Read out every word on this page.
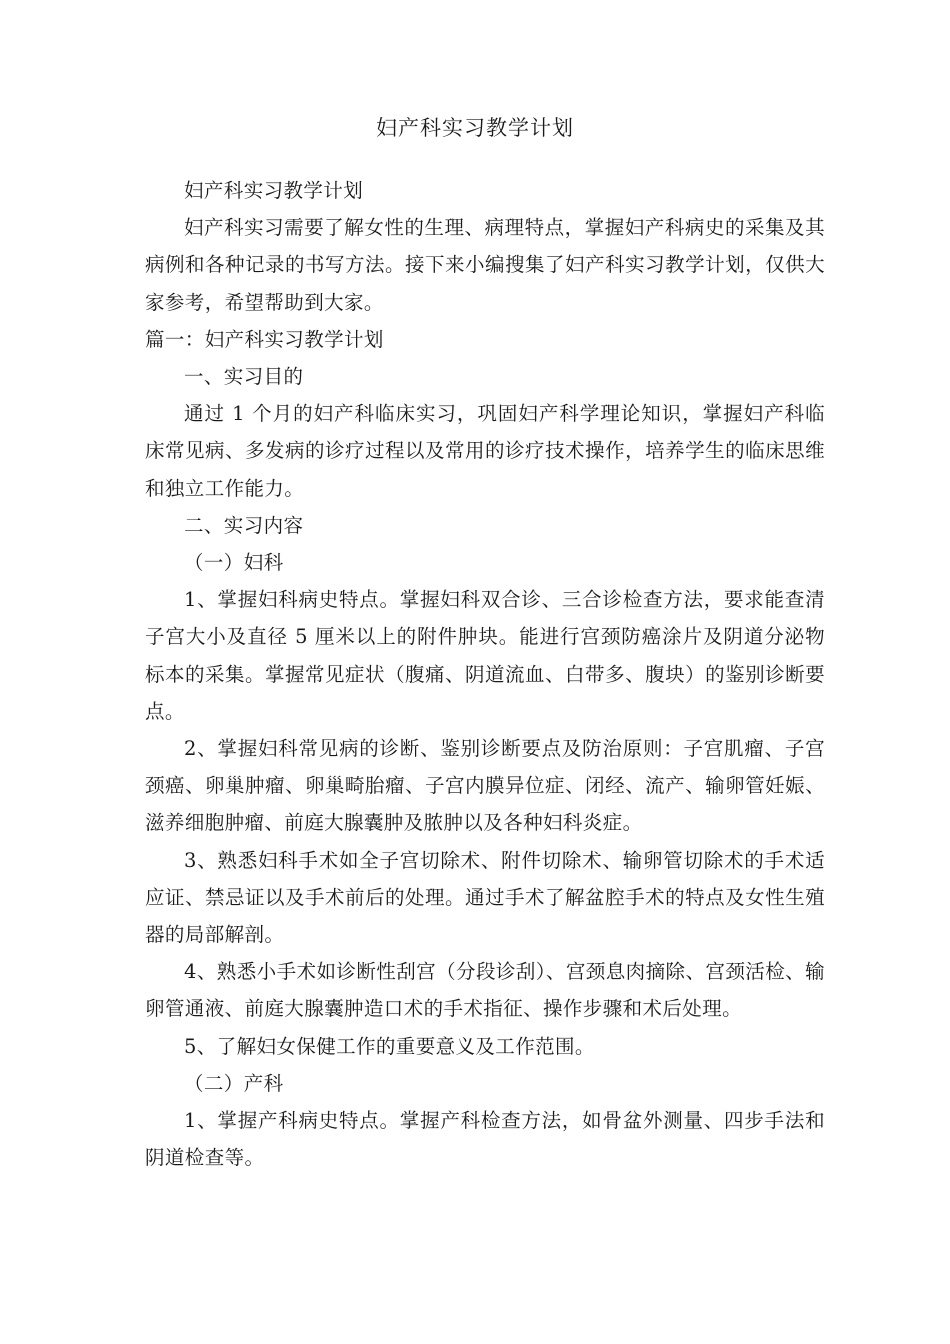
妇产科实习教学计划

妇产科实习教学计划

妇产科实习需要了解女性的生理、病理特点，掌握妇产科病史的采集及其病例和各种记录的书写方法。接下来小编搜集了妇产科实习教学计划，仅供大家参考，希望帮助到大家。

篇一：妇产科实习教学计划

一、实习目的

通过 1 个月的妇产科临床实习，巩固妇产科学理论知识，掌握妇产科临床常见病、多发病的诊疗过程以及常用的诊疗技术操作，培养学生的临床思维和独立工作能力。

二、实习内容

（一）妇科

1、掌握妇科病史特点。掌握妇科双合诊、三合诊检查方法，要求能查清子宫大小及直径 5 厘米以上的附件肿块。能进行宫颈防癌涂片及阴道分泌物标本的采集。掌握常见症状（腹痛、阴道流血、白带多、腹块）的鉴别诊断要点。

2、掌握妇科常见病的诊断、鉴别诊断要点及防治原则：子宫肌瘤、子宫颈癌、卵巢肿瘤、卵巢畸胎瘤、子宫内膜异位症、闭经、流产、输卵管妊娠、滋养细胞肿瘤、前庭大腺囊肿及脓肿以及各种妇科炎症。

3、熟悉妇科手术如全子宫切除术、附件切除术、输卵管切除术的手术适应证、禁忌证以及手术前后的处理。通过手术了解盆腔手术的特点及女性生殖器的局部解剖。

4、熟悉小手术如诊断性刮宫（分段诊刮）、宫颈息肉摘除、宫颈活检、输卵管通液、前庭大腺囊肿造口术的手术指征、操作步骤和术后处理。

5、了解妇女保健工作的重要意义及工作范围。

（二）产科

1、掌握产科病史特点。掌握产科检查方法，如骨盆外测量、四步手法和阴道检查等。
